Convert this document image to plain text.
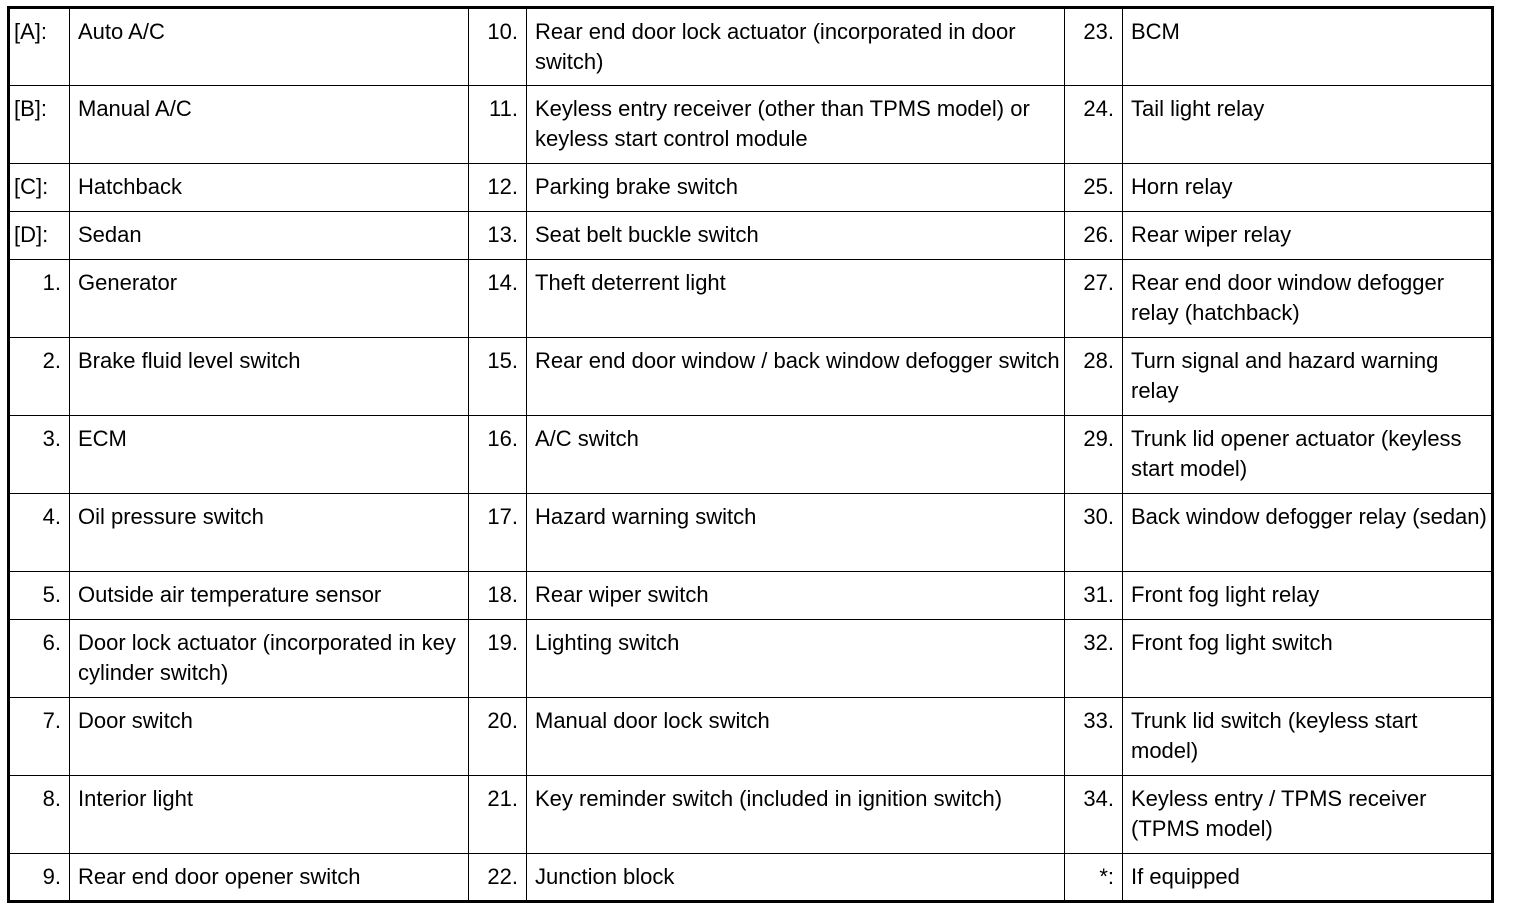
[A]:	Auto A/C	10.	Rear end door lock actuator (incorporated in door switch)	23.	BCM
[B]:	Manual A/C	11.	Keyless entry receiver (other than TPMS model) or keyless start control module	24.	Tail light relay
[C]:	Hatchback	12.	Parking brake switch	25.	Horn relay
[D]:	Sedan	13.	Seat belt buckle switch	26.	Rear wiper relay
1.	Generator	14.	Theft deterrent light	27.	Rear end door window defogger relay (hatchback)
2.	Brake fluid level switch	15.	Rear end door window / back window defogger switch	28.	Turn signal and hazard warning relay
3.	ECM	16.	A/C switch	29.	Trunk lid opener actuator (keyless start model)
4.	Oil pressure switch	17.	Hazard warning switch	30.	Back window defogger relay (sedan)
5.	Outside air temperature sensor	18.	Rear wiper switch	31.	Front fog light relay
6.	Door lock actuator (incorporated in key cylinder switch)	19.	Lighting switch	32.	Front fog light switch
7.	Door switch	20.	Manual door lock switch	33.	Trunk lid switch (keyless start model)
8.	Interior light	21.	Key reminder switch (included in ignition switch)	34.	Keyless entry / TPMS receiver (TPMS model)
9.	Rear end door opener switch	22.	Junction block	*:	If equipped
